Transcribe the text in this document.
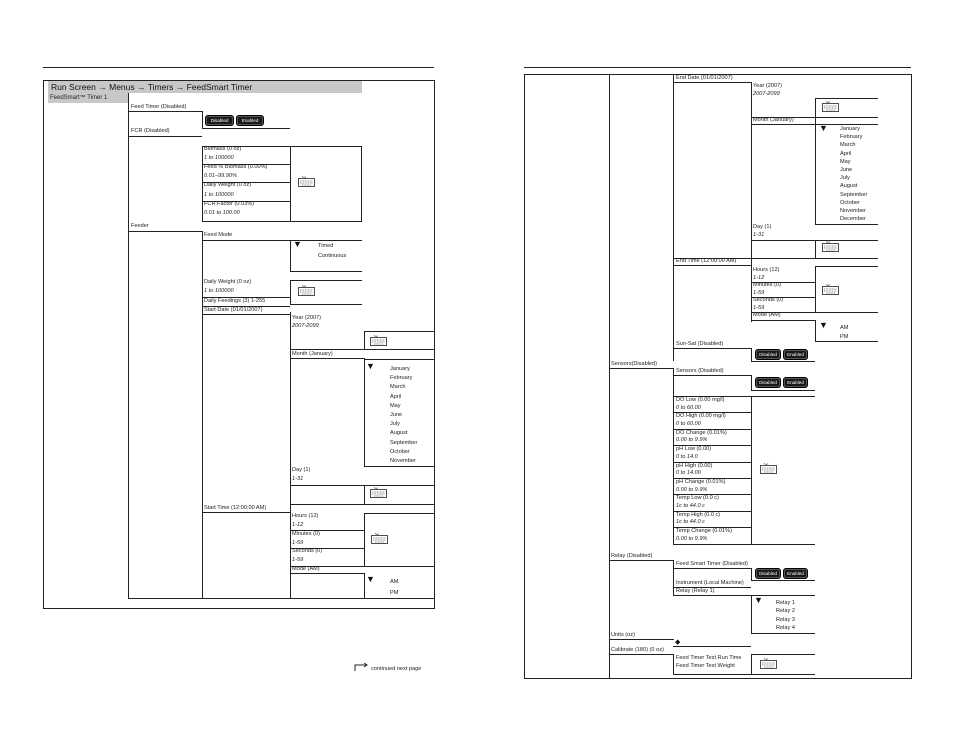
Run Screen → Menus → Timers → FeedSmart Timer
FeedSmart™ Timer 1
Feed Timer (Disabled)
Disabled	Enabled
FCR (Disabled)
Biomass (0 oz)
1 to 100000
Feed % Biomass (0.00%)
0.01–99.90%
Daily Weight (0 oz)
1 to 100000
FCR Factor (0.03%)
0.01 to 100.00
Feeder
Feed Mode
▼	Timed
Continuous
Daily Weight (0 oz)
1 to 100000
Daily Feedings (3) 1-255
Start Date (01/01/2007)
Year (2007)
2007-2099
Month (January)
▼	January
February
March
April
May
June
July
August
September
October
November
Day (1)
1-31
Start Time (12:00:00 AM)
Hours (12)
1-12
Minutes (0)
1-59
Seconds (0)
1-59
Mode (AM)
▼	AM
PM
continued next page
End Date (01/01/2007)
Year (2007)
2007-2099
Month (January)
▼ January
February
March
April
May
June
July
August
September
October
November
December
Day (1)
1-31
End Time (12:00:00 AM)
Hours (12)
1-12
Minutes (0)
1-59
Seconds (0)
1-59
Mode (AM)
▼ AM
PM
Sun-Sat (Disabled)
Disabled	Enabled
Sensors(Disabled)
Sensors (Disabled)
Disabled	Enabled
DO Low (0.00 mg/l)
0 to 60.00
DO High (0.00 mg/l)
0 to 60.00
DO Change (0.01%)
0.00 to 9.9%
pH Low (0.00)
0 to 14.0
pH High (0.00)
0 to 14.00
pH Change (0.01%)
0.00 to 9.9%
Temp Low (0.0 c)
1c to 44.0 c
Temp High (0.0 c)
1c to 44.0 c
Temp Change (0.01%)
0.00 to 9.9%
Relay (Disabled)
Feed Smart Timer (Disabled)
Disabled	Enabled
Instrument (Local Machine)
Relay (Relay 1)
▼ Relay 1
Relay 2
Relay 3
Relay 4
Units (oz)
◆
Calibrate (180) (0 oz)
Feed Timer Test Run Time
Feed Timer Test Weight
